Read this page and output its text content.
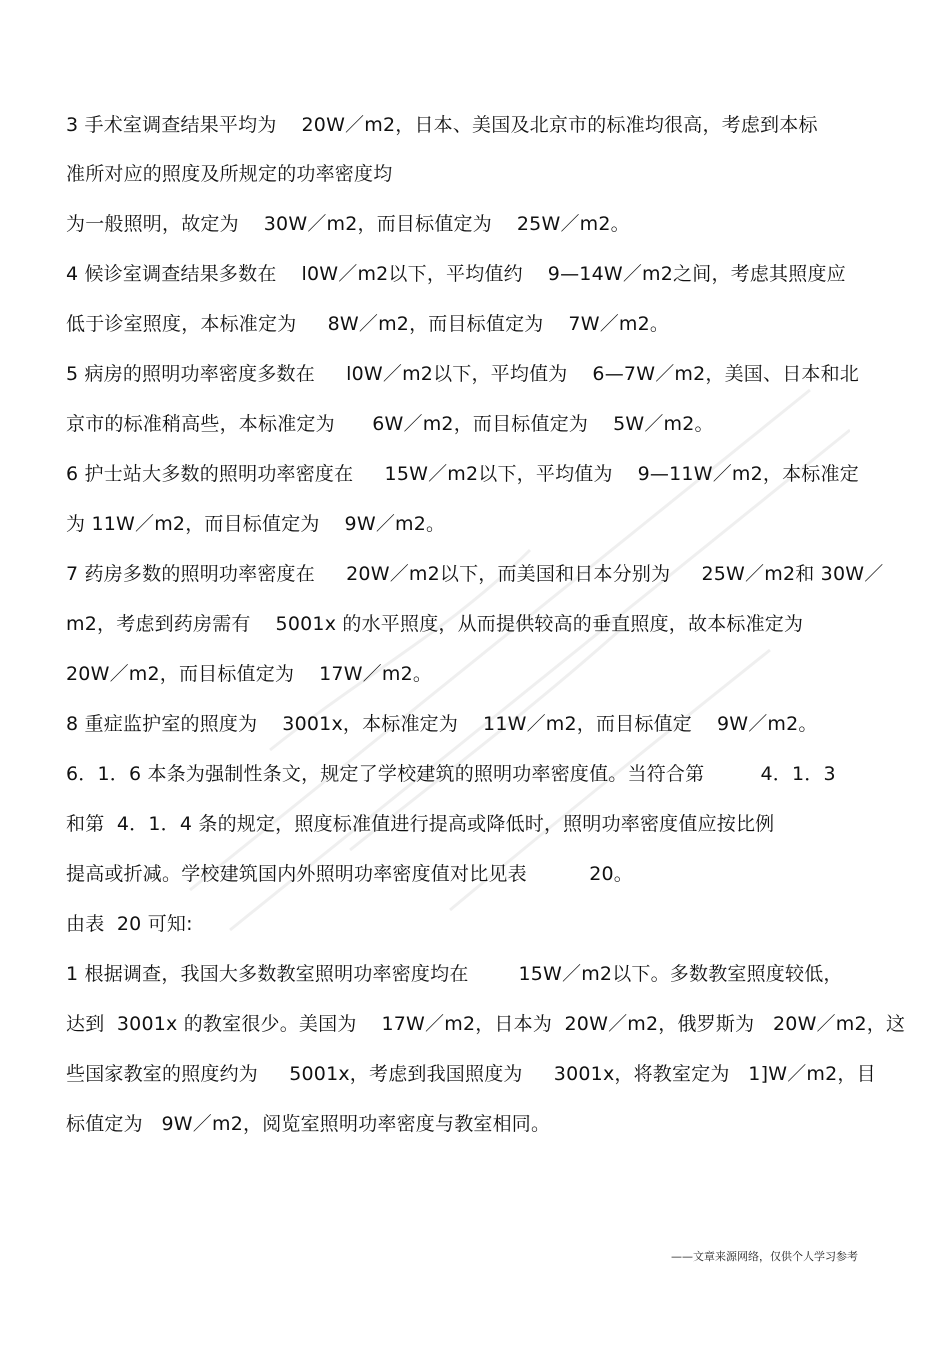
3 手术室调查结果平均为    20W／m2，日本、美国及北京市的标准均很高，考虑到本标
准所对应的照度及所规定的功率密度均
为一般照明，故定为    30W／m2，而目标值定为    25W／m2。
4 候诊室调查结果多数在    l0W／m2以下，平均值约    9—14W／m2之间，考虑其照度应
低于诊室照度，本标准定为     8W／m2，而目标值定为    7W／m2。
5 病房的照明功率密度多数在     l0W／m2以下，平均值为    6—7W／m2，美国、日本和北
京市的标准稍高些，本标准定为      6W／m2，而目标值定为    5W／m2。
6 护士站大多数的照明功率密度在     15W／m2以下，平均值为    9—11W／m2，本标准定
为 11W／m2，而目标值定为    9W／m2。
7 药房多数的照明功率密度在     20W／m2以下，而美国和日本分别为     25W／m2和 30W／
m2，考虑到药房需有    5001x 的水平照度，从而提供较高的垂直照度，故本标准定为
20W／m2，而目标值定为    17W／m2。
8 重症监护室的照度为    3001x，本标准定为    11W／m2，而目标值定    9W／m2。
6．1．6 本条为强制性条文，规定了学校建筑的照明功率密度值。当符合第         4．1．3
和第  4．1．4 条的规定，照度标准值进行提高或降低时，照明功率密度值应按比例
提高或折减。学校建筑国内外照明功率密度值对比见表          20。
由表  20 可知:
1 根据调查，我国大多数教室照明功率密度均在        15W／m2以下。多数教室照度较低，
达到  3001x 的教室很少。美国为    17W／m2，日本为  20W／m2，俄罗斯为   20W／m2，这
些国家教室的照度约为     5001x，考虑到我国照度为     3001x，将教室定为   1]W／m2，目
标值定为   9W／m2，阅览室照明功率密度与教室相同。
——文章来源网络，仅供个人学习参考
